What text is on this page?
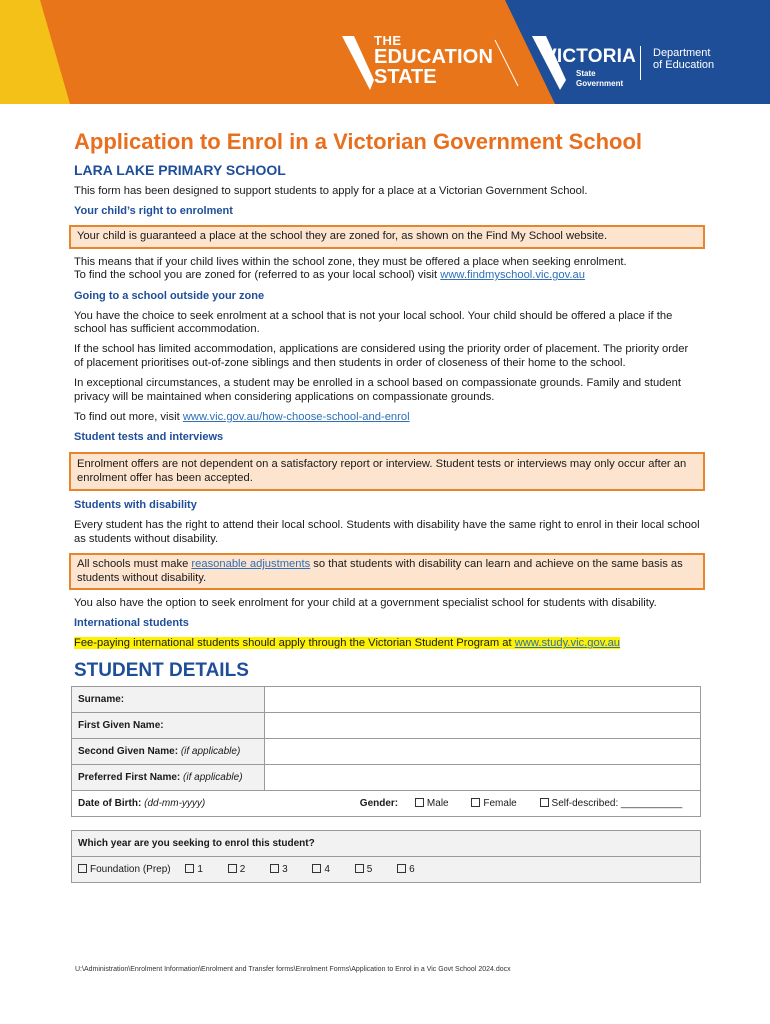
THE
EDUCATION
STATE
VICTORIA
State
Government
Department
of Education
Application to Enrol in a Victorian Government School
LARA LAKE PRIMARY SCHOOL

This form has been designed to support students to apply for a place at a Victorian Government School.

Your child’s right to enrolment
Your child is guaranteed a place at the school they are zoned for, as shown on the Find My School website.

This means that if your child lives within the school zone, they must be offered a place when seeking enrolment.
To find the school you are zoned for (referred to as your local school) visit www.findmyschool.vic.gov.au

Going to a school outside your zone

You have the choice to seek enrolment at a school that is not your local school. Your child should be offered a place if the school has sufficient accommodation.

If the school has limited accommodation, applications are considered using the priority order of placement. The priority order of placement prioritises out-of-zone siblings and then students in order of closeness of their home to the school.

In exceptional circumstances, a student may be enrolled in a school based on compassionate grounds. Family and student privacy will be maintained when considering applications on compassionate grounds.

To find out more, visit www.vic.gov.au/how-choose-school-and-enrol

Student tests and interviews
Enrolment offers are not dependent on a satisfactory report or interview. Student tests or interviews may only occur after an enrolment offer has been accepted.
Students with disability

Every student has the right to attend their local school. Students with disability have the same right to enrol in their local school as students without disability.

All schools must make reasonable adjustments so that students with disability can learn and achieve on the same basis as students without disability.

You also have the option to seek enrolment for your child at a government specialist school for students with disability.

International students

Fee-paying international students should apply through the Victorian Student Program at www.study.vic.gov.au

STUDENT DETAILS
Surname:	
First Given Name:	
Second Given Name: (if applicable)	
Preferred First Name: (if applicable)	
Date of Birth: (dd-mm-yyyy) Gender: Male Female Self-described: ___________	
Which year are you seeking to enrol this student?
Foundation (Prep)	1	2	3	4	5	6
U:\Administration\Enrolment Information\Enrolment and Transfer forms\Enrolment Forms\Application to Enrol in a Vic Govt School 2024.docx
